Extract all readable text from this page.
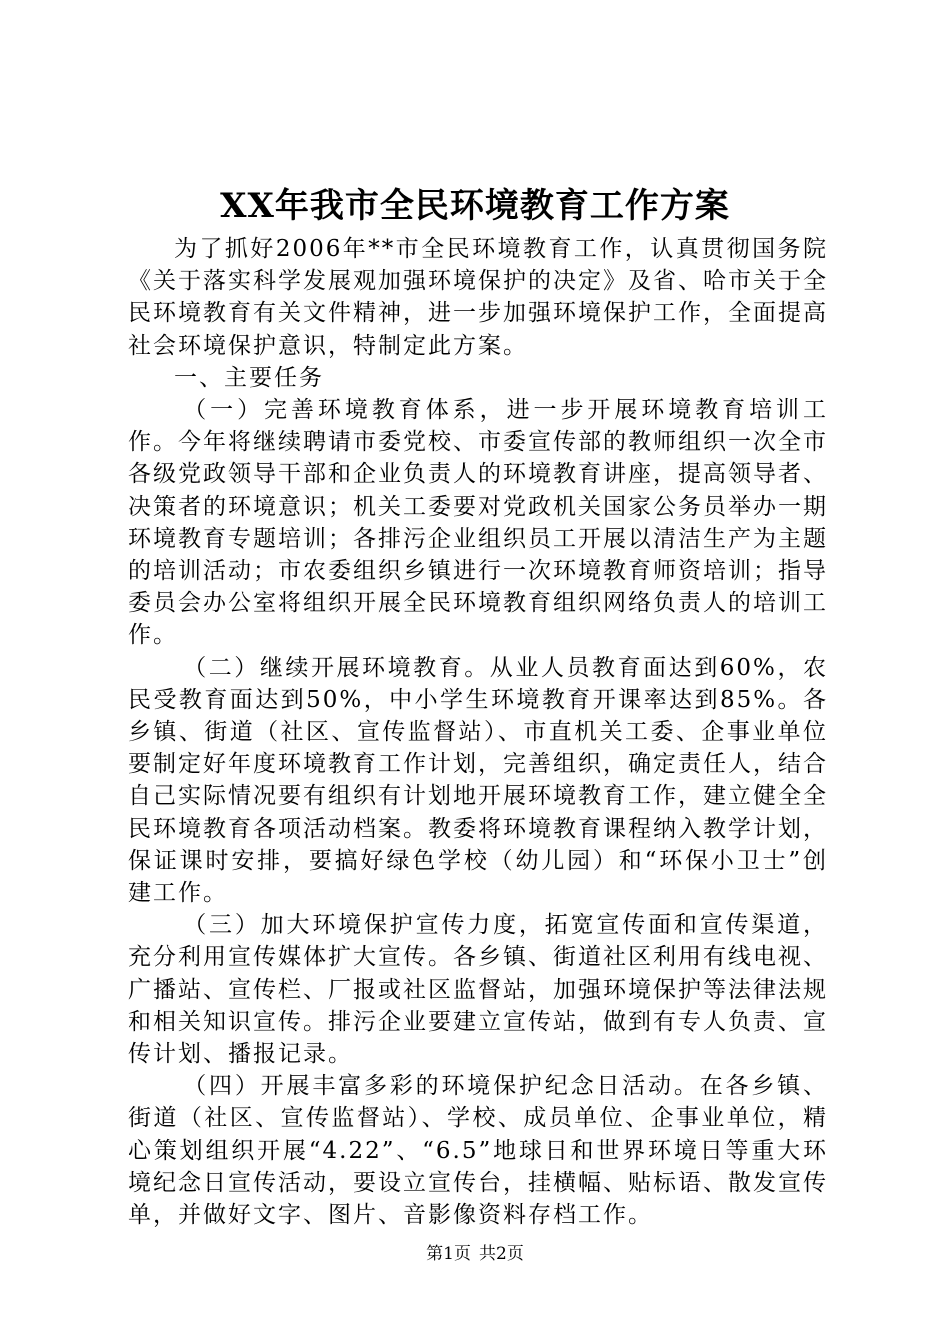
XX年我市全民环境教育工作方案

为了抓好2006年**市全民环境教育工作，认真贯彻国务院《关于落实科学发展观加强环境保护的决定》及省、哈市关于全民环境教育有关文件精神，进一步加强环境保护工作，全面提高社会环境保护意识，特制定此方案。

一、主要任务

（一）完善环境教育体系，进一步开展环境教育培训工作。今年将继续聘请市委党校、市委宣传部的教师组织一次全市各级党政领导干部和企业负责人的环境教育讲座，提高领导者、决策者的环境意识；机关工委要对党政机关国家公务员举办一期环境教育专题培训；各排污企业组织员工开展以清洁生产为主题的培训活动；市农委组织乡镇进行一次环境教育师资培训；指导委员会办公室将组织开展全民环境教育组织网络负责人的培训工作。

（二）继续开展环境教育。从业人员教育面达到60%，农民受教育面达到50%，中小学生环境教育开课率达到85%。各乡镇、街道（社区、宣传监督站）、市直机关工委、企事业单位要制定好年度环境教育工作计划，完善组织，确定责任人，结合自己实际情况要有组织有计划地开展环境教育工作，建立健全全民环境教育各项活动档案。教委将环境教育课程纳入教学计划，保证课时安排，要搞好绿色学校（幼儿园）和“环保小卫士”创建工作。

（三）加大环境保护宣传力度，拓宽宣传面和宣传渠道，充分利用宣传媒体扩大宣传。各乡镇、街道社区利用有线电视、广播站、宣传栏、厂报或社区监督站，加强环境保护等法律法规和相关知识宣传。排污企业要建立宣传站，做到有专人负责、宣传计划、播报记录。

（四）开展丰富多彩的环境保护纪念日活动。在各乡镇、街道（社区、宣传监督站）、学校、成员单位、企事业单位，精心策划组织开展“4.22”、“6.5”地球日和世界环境日等重大环境纪念日宣传活动，要设立宣传台，挂横幅、贴标语、散发宣传单，并做好文字、图片、音影像资料存档工作。

第1页 共2页
